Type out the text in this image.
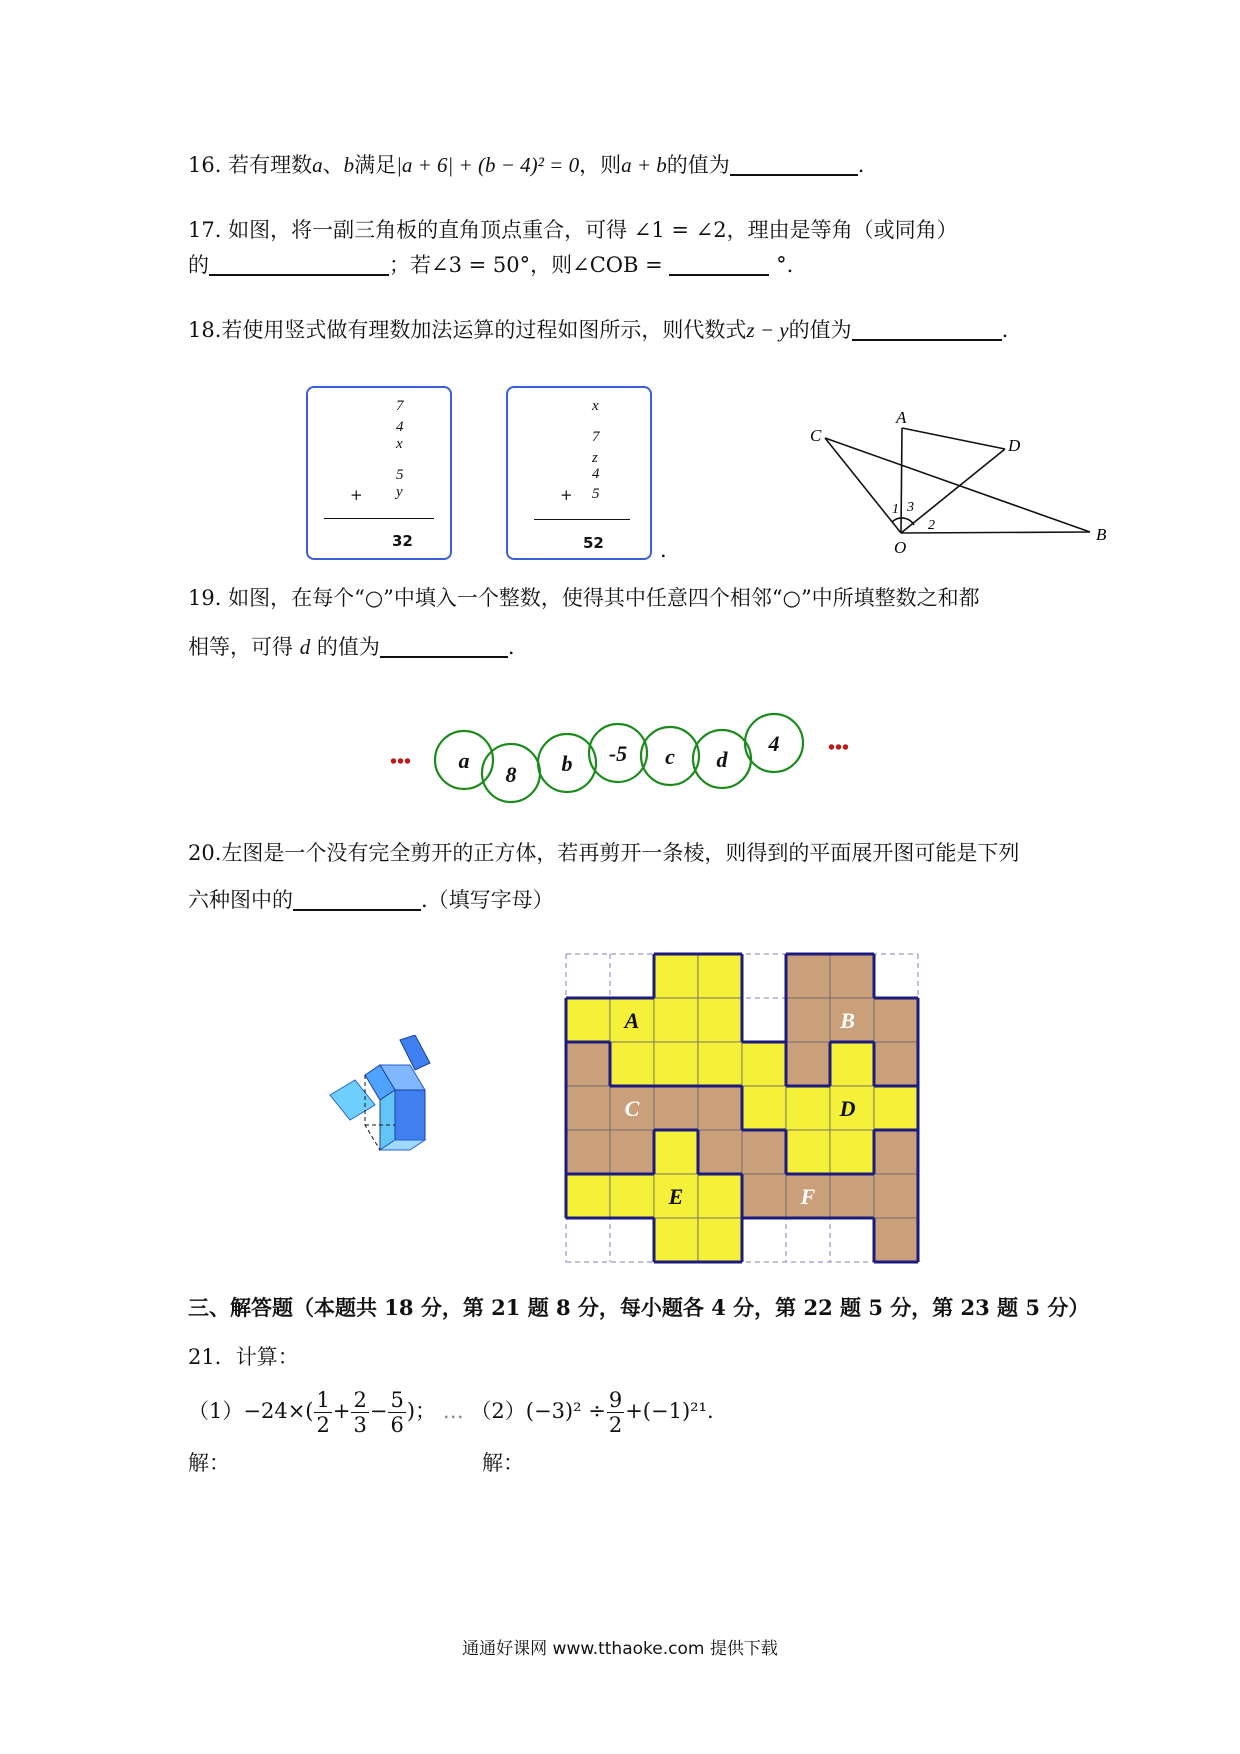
16. 若有理数a、b满足|a + 6| + (b − 4)² = 0，则a + b的值为	.
17. 如图，将一副三角板的直角顶点重合，可得 ∠1 = ∠2，理由是等角（或同角）
的	；若∠3 = 50°，则∠COB =	°.
18.若使用竖式做有理数加法运算的过程如图所示，则代数式z − y的值为	.
7
4
x
5
+ y
32
x
7
z
4
+ 5
52	.
C
A
D
B
O
1 3
2
19. 如图，在每个“○”中填入一个整数，使得其中任意四个相邻“○”中所填整数之和都
相等，可得 d 的值为	.
•••
•••
a
8 b -5 c d
4
20.左图是一个没有完全剪开的正方体，若再剪开一条棱，则得到的平面展开图可能是下列
六种图中的	.（填写字母）
A	B
C	D
E	F
三、解答题（本题共 18 分，第 21 题 8 分，每小题各 4 分，第 22 题 5 分，第 23 题 5 分）
21．计算：
$(1)-24\times( \frac{1}{2} + \frac{2}{3} - \frac{5}{6}$ )； … $(2)(-3)^2 \div \frac{9}{2} +(-1)^{21}$.
解：	解：
通通好课网 www.tthaoke.com 提供下载
